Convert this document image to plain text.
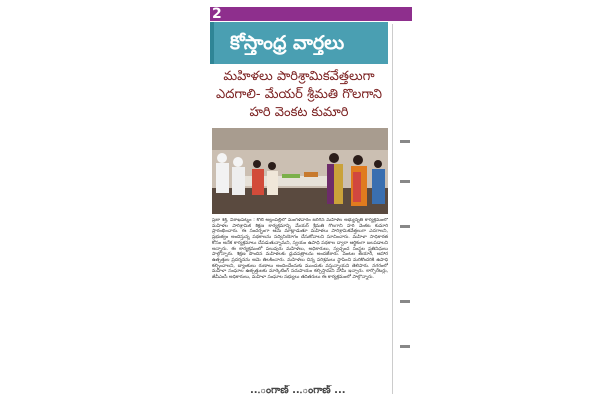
2
కోస్తాంధ్ర వార్తలు
మహిళలు పారిశ్రామికవేత్తలుగా
ఎదగాలి- మేయర్ శ్రీమతి గొలగాని
హరి వెంకట కుమారి
ప్రజా శక్తి, విశాఖపట్నం : కొటి అల్లంపల్లిలో మంగళవారం జరిగిన మహిళల అభ్యున్నతి కార్యక్రమంలో మహిళల పారిశ్రామిక శిక్షణ కార్యక్రమాన్ని మేయర్ శ్రీమతి గొలగాని హరి వెంకట కుమారి ప్రారంభించారు. ఈ సందర్భంగా ఆమె మాట్లాడుతూ మహిళలు పారిశ్రామికవేత్తలుగా ఎదగాలని, ప్రభుత్వం అందిస్తున్న పథకాలను సద్వినియోగం చేసుకోవాలని సూచించారు. మహిళా సాధికారత కోసం అనేక కార్యక్రమాలు చేపడుతున్నామని, స్వయం ఉపాధి పథకాల ద్వారా ఆర్థికంగా బలపడాలని అన్నారు. ఈ కార్యక్రమంలో పలువురు మహిళలు, అధికారులు, స్వచ్ఛంద సంస్థల ప్రతినిధులు పాల్గొన్నారు. శిక్షణ పొందిన మహిళలకు ధ్రువపత్రాలను అందజేశారు. వంటల తయారీ, ఆహార ఉత్పత్తుల ప్రదర్శనను ఆమె తిలకించారు. మహిళలు చిన్న పరిశ్రమలు స్థాపించి మరికొందరికి ఉపాధి కల్పించాలని, బ్యాంకులు రుణాలు అందించేందుకు ముందుకు వస్తున్నాయని తెలిపారు. నగరంలో మహిళా సంఘాల ఉత్పత్తులకు మార్కెటింగ్ సదుపాయం కల్పిస్తామని హామీ ఇచ్చారు. కార్పొరేటర్లు, జీవీఎంసీ అధికారులు, మహిళా సంఘాల సభ్యులు తదితరులు ఈ కార్యక్రమంలో పాల్గొన్నారు.
...ంగాణ్ ...ంగాణ్ ...
